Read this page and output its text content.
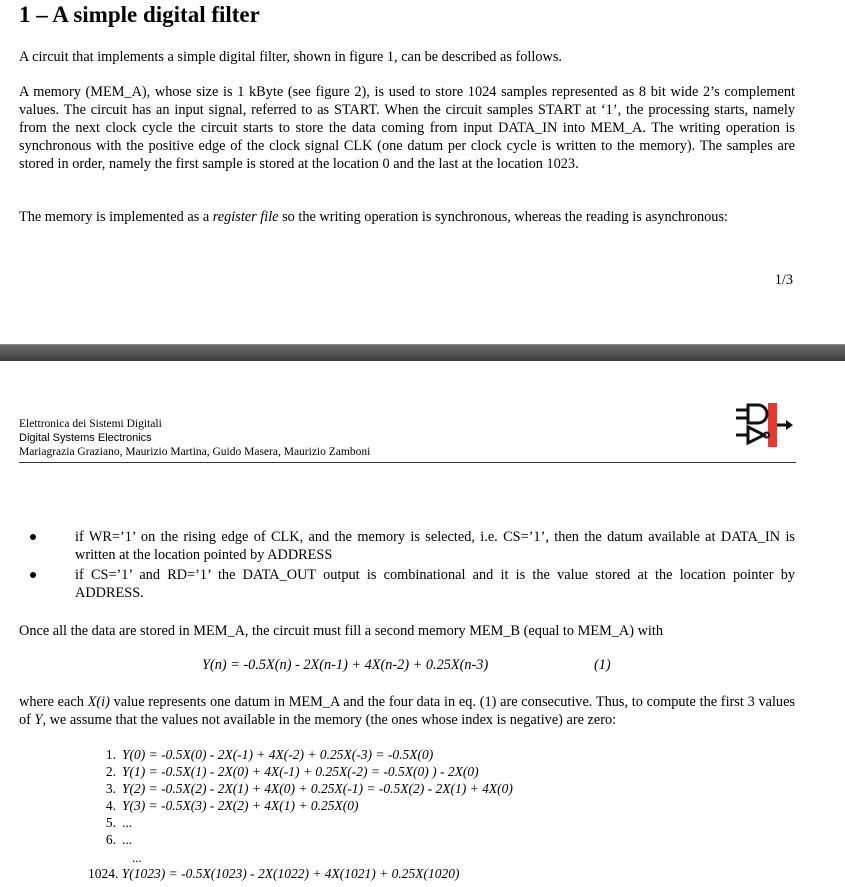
1 – A simple digital filter

A circuit that implements a simple digital filter, shown in figure 1, can be described as follows.

A memory (MEM_A), whose size is 1 kByte (see figure 2), is used to store 1024 samples represented as 8 bit wide 2’s complement values. The circuit has an input signal, referred to as START. When the circuit samples START at ‘1’, the processing starts, namely from the next clock cycle the circuit starts to store the data coming from input DATA_IN into MEM_A. The writing operation is synchronous with the positive edge of the clock signal CLK (one datum per clock cycle is written to the memory). The samples are stored in order, namely the first sample is stored at the location 0 and the last at the location 1023.

The memory is implemented as a register file so the writing operation is synchronous, whereas the reading is asynchronous:

1/3
Elettronica dei Sistemi Digitali
Digital Systems Electronics
Mariagrazia Graziano, Maurizio Martina, Guido Masera, Maurizio Zamboni
if WR=’1’ on the rising edge of CLK, and the memory is selected, i.e. CS=’1’, then the datum available at DATA_IN is written at the location pointed by ADDRESS
if CS=’1’ and RD=’1’ the DATA_OUT output is combinational and it is the value stored at the location pointer by ADDRESS.

Once all the data are stored in MEM_A, the circuit must fill a second memory MEM_B (equal to MEM_A) with

Y(n) = -0.5X(n) - 2X(n-1) + 4X(n-2) + 0.25X(n-3)	(1)

where each X(i) value represents one datum in MEM_A and the four data in eq. (1) are consecutive. Thus, to compute the first 3 values of Y, we assume that the values not available in the memory (the ones whose index is negative) are zero:

1. Y(0) = -0.5X(0) - 2X(-1) + 4X(-2) + 0.25X(-3) = -0.5X(0)
2. Y(1) = -0.5X(1) - 2X(0) + 4X(-1) + 0.25X(-2) = -0.5X(0) ) - 2X(0)
3. Y(2) = -0.5X(2) - 2X(1) + 4X(0) + 0.25X(-1) = -0.5X(2) - 2X(1) + 4X(0)
4. Y(3) = -0.5X(3) - 2X(2) + 4X(1) + 0.25X(0)
5. ...
6. ...
...
1024. Y(1023) = -0.5X(1023) - 2X(1022) + 4X(1021) + 0.25X(1020)
